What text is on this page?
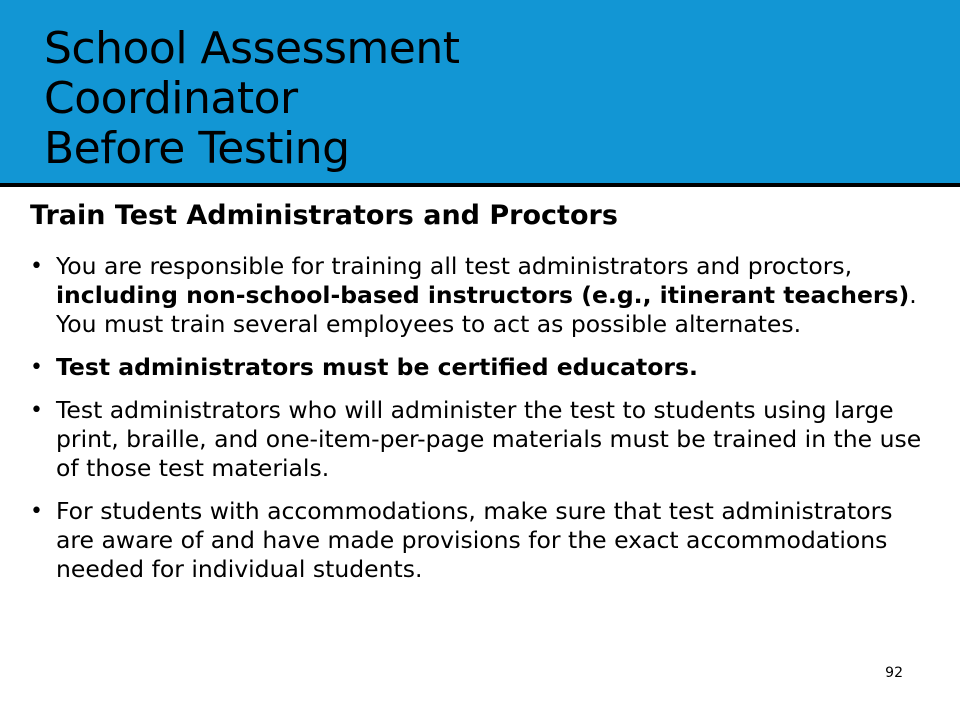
School Assessment
Coordinator
Before Testing
Train Test Administrators and Proctors
• You are responsible for training all test administrators and proctors, including non-school-based instructors (e.g., itinerant teachers). You must train several employees to act as possible alternates.
• Test administrators must be certified educators.
• Test administrators who will administer the test to students using large print, braille, and one-item-per-page materials must be trained in the use of those test materials.
• For students with accommodations, make sure that test administrators are aware of and have made provisions for the exact accommodations needed for individual students.
92
